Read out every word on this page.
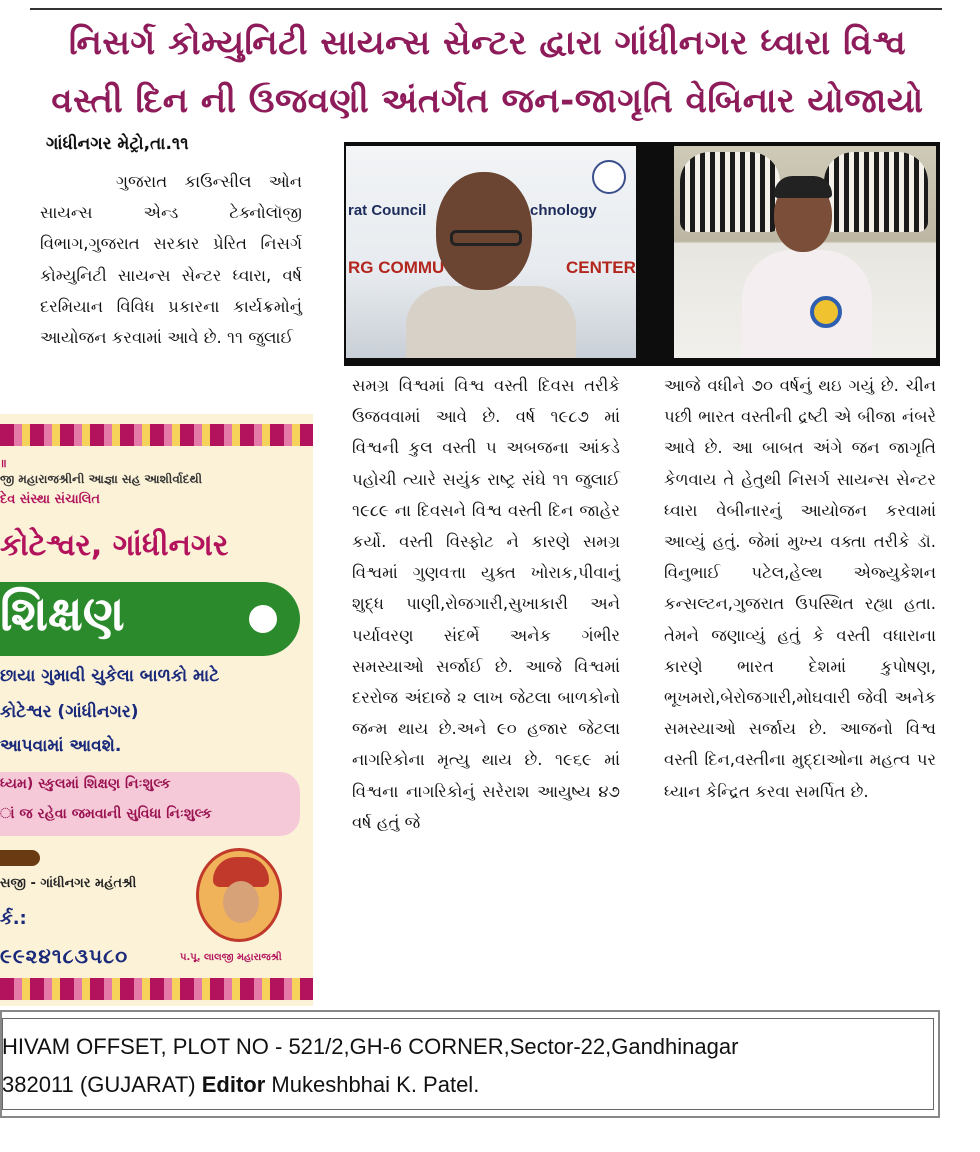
નિસર્ગ કોમ્યુનિટી સાયન્સ સેન્ટર દ્વારા ગાંધીનગર ધ્વારા વિશ્વ
વસ્તી દિન ની ઉજવણી અંતર્ગત જન-જાગૃતિ વેબિનાર યોજાયો
ગાંધીનગર મેટ્રો,તા.૧૧

ગુજરાત કાઉન્સીલ ઓન સાયન્સ એન્ડ ટેક્નોલૉજી વિભાગ,ગુજરાત સરકાર પ્રેરિત નિસર્ગ કોમ્યુનિટી સાયન્સ સેન્ટર ધ્વારા, વર્ષ દરમિયાન વિવિધ પ્રકારના કાર્યક્રમોનું આયોજન કરવામાં આવે છે. ૧૧ જુલાઈ

rat Council	chnology
RG COMMU	CENTER

સમગ્ર વિશ્વમાં વિશ્વ વસ્તી દિવસ તરીકે ઉજવવામાં આવે છે. વર્ષ ૧૯૮૭ માં વિશ્વની કુલ વસ્તી ૫ અબજના આંકડે પહોચી ત્યારે સયુંક રાષ્ટ્ર સંઘે ૧૧ જુલાઈ ૧૯૮૯ ના દિવસને વિશ્વ વસ્તી દિન જાહેર કર્યો. વસ્તી વિસ્ફોટ ને કારણે સમગ્ર વિશ્વમાં ગુણવત્તા યુક્ત ખોરાક,પીવાનું શુદ્ધ પાણી,રોજગારી,સુખાકારી અને પર્યાવરણ સંદર્ભે અનેક ગંભીર સમસ્યાઓ સર્જાઈ છે. આજે વિશ્વમાં દરરોજ અંદાજે ૨ લાખ જેટલા બાળકોનો જન્મ થાય છે.અને ૯૦ હજાર જેટલા નાગરિકોના મૃત્યુ થાય છે. ૧૯૬૯ માં વિશ્વના નાગરિકોનું સરેરાશ આયુષ્ય ૪૭ વર્ષ હતું જે

આજે વધીને ૭૦ વર્ષનું થઇ ગયું છે. ચીન પછી ભારત વસ્તીની દ્રષ્ટી એ બીજા નંબરે આવે છે. આ બાબત અંગે જન જાગૃતિ કેળવાય તે હેતુથી નિસર્ગ સાયન્સ સેન્ટર ધ્વારા વેબીનારનું આયોજન કરવામાં આવ્યું હતું. જેમાં મુખ્ય વક્તા તરીકે ડૉ. વિનુભાઈ પટેલ,હેલ્થ એજ્યુકેશન કન્સલ્ટન,ગુજરાત ઉપસ્થિત રહ્યા હતા. તેમને જણાવ્યું હતું કે વસ્તી વધારાના કારણે ભારત દેશમાં કુપોષણ, ભૂખમરો,બેરોજગારી,મોઘવારી જેવી અનેક સમસ્યાઓ સર્જાય છે. આજનો વિશ્વ વસ્તી દિન,વસ્તીના મુદ્દાઓના મહત્વ પર ધ્યાન કેન્દ્રિત કરવા સમર્પિત છે.

॥
જી મહારાજશ્રીની આજ્ઞા સહ આશીર્વાદથી
દેવ સંસ્થા સંચાલિત
કોટેશ્વર, ગાંધીનગર
શિક્ષણ
છાયા ગુમાવી ચુકેલા બાળકો માટે
કોટેશ્વર (ગાંધીનગર)
આપવામાં આવશે.
ધ્યમ) સ્કુલમાં શિક્ષણ નિઃશુલ્ક
ાં જ રહેવા જમવાની સુવિધા નિઃશુલ્ક
સજી - ગાંધીનગર મહંતશ્રી
ર્ક.:
૯૯૨૪૧૮૩૫૮૦	પ.પૂ. લાલજી મહારાજશ્રી
HIVAM OFFSET, PLOT NO - 521/2,GH-6 CORNER,Sector-22,Gandhinagar
382011 (GUJARAT) Editor Mukeshbhai K. Patel.
